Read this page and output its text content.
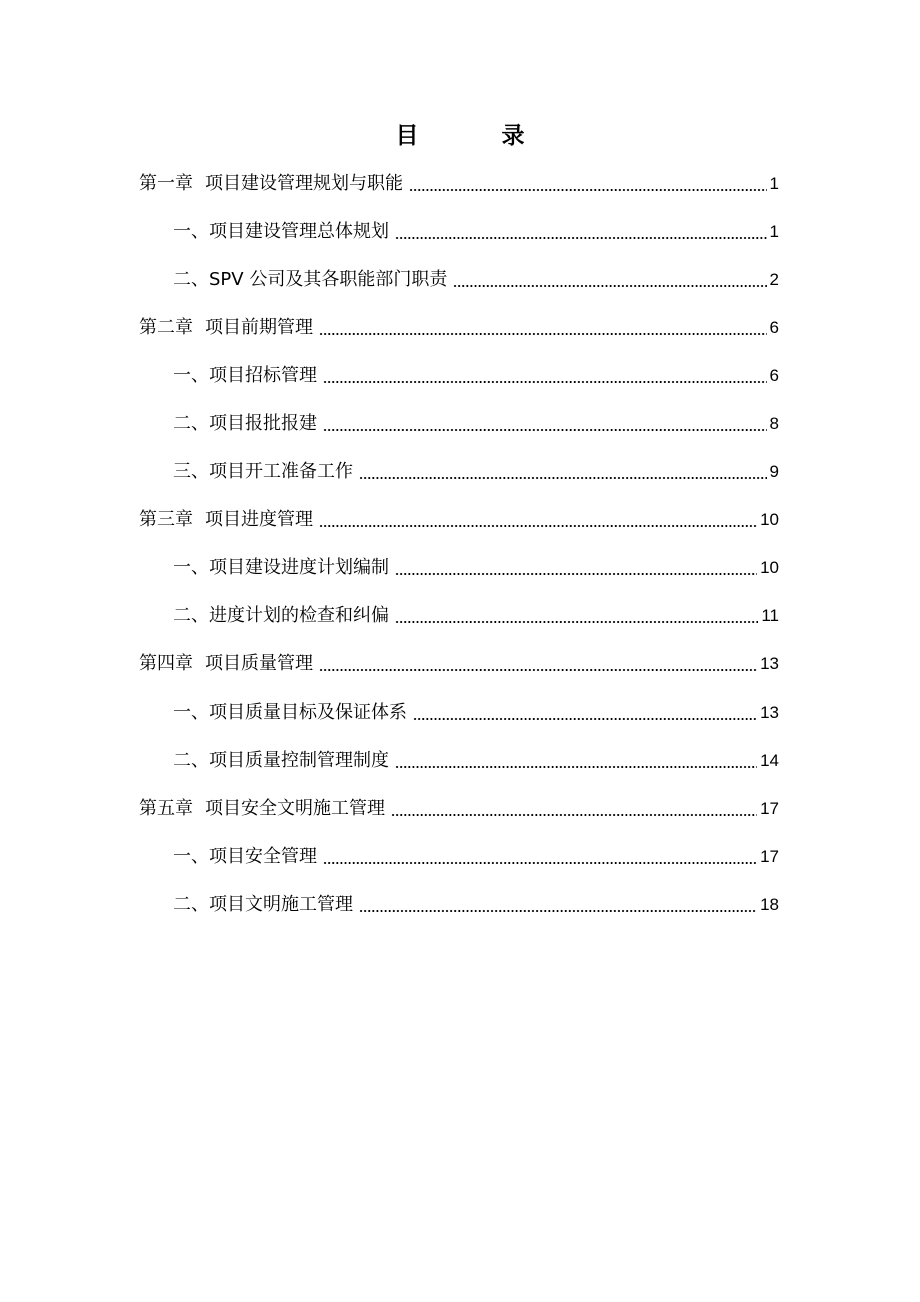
目　录
第一章 项目建设管理规划与职能	1
一、项目建设管理总体规划	1
二、SPV 公司及其各职能部门职责	2
第二章 项目前期管理	6
一、项目招标管理	6
二、项目报批报建	8
三、项目开工准备工作	9
第三章 项目进度管理	10
一、项目建设进度计划编制	10
二、进度计划的检查和纠偏	11
第四章 项目质量管理	13
一、项目质量目标及保证体系	13
二、项目质量控制管理制度	14
第五章 项目安全文明施工管理	17
一、项目安全管理	17
二、项目文明施工管理	18
